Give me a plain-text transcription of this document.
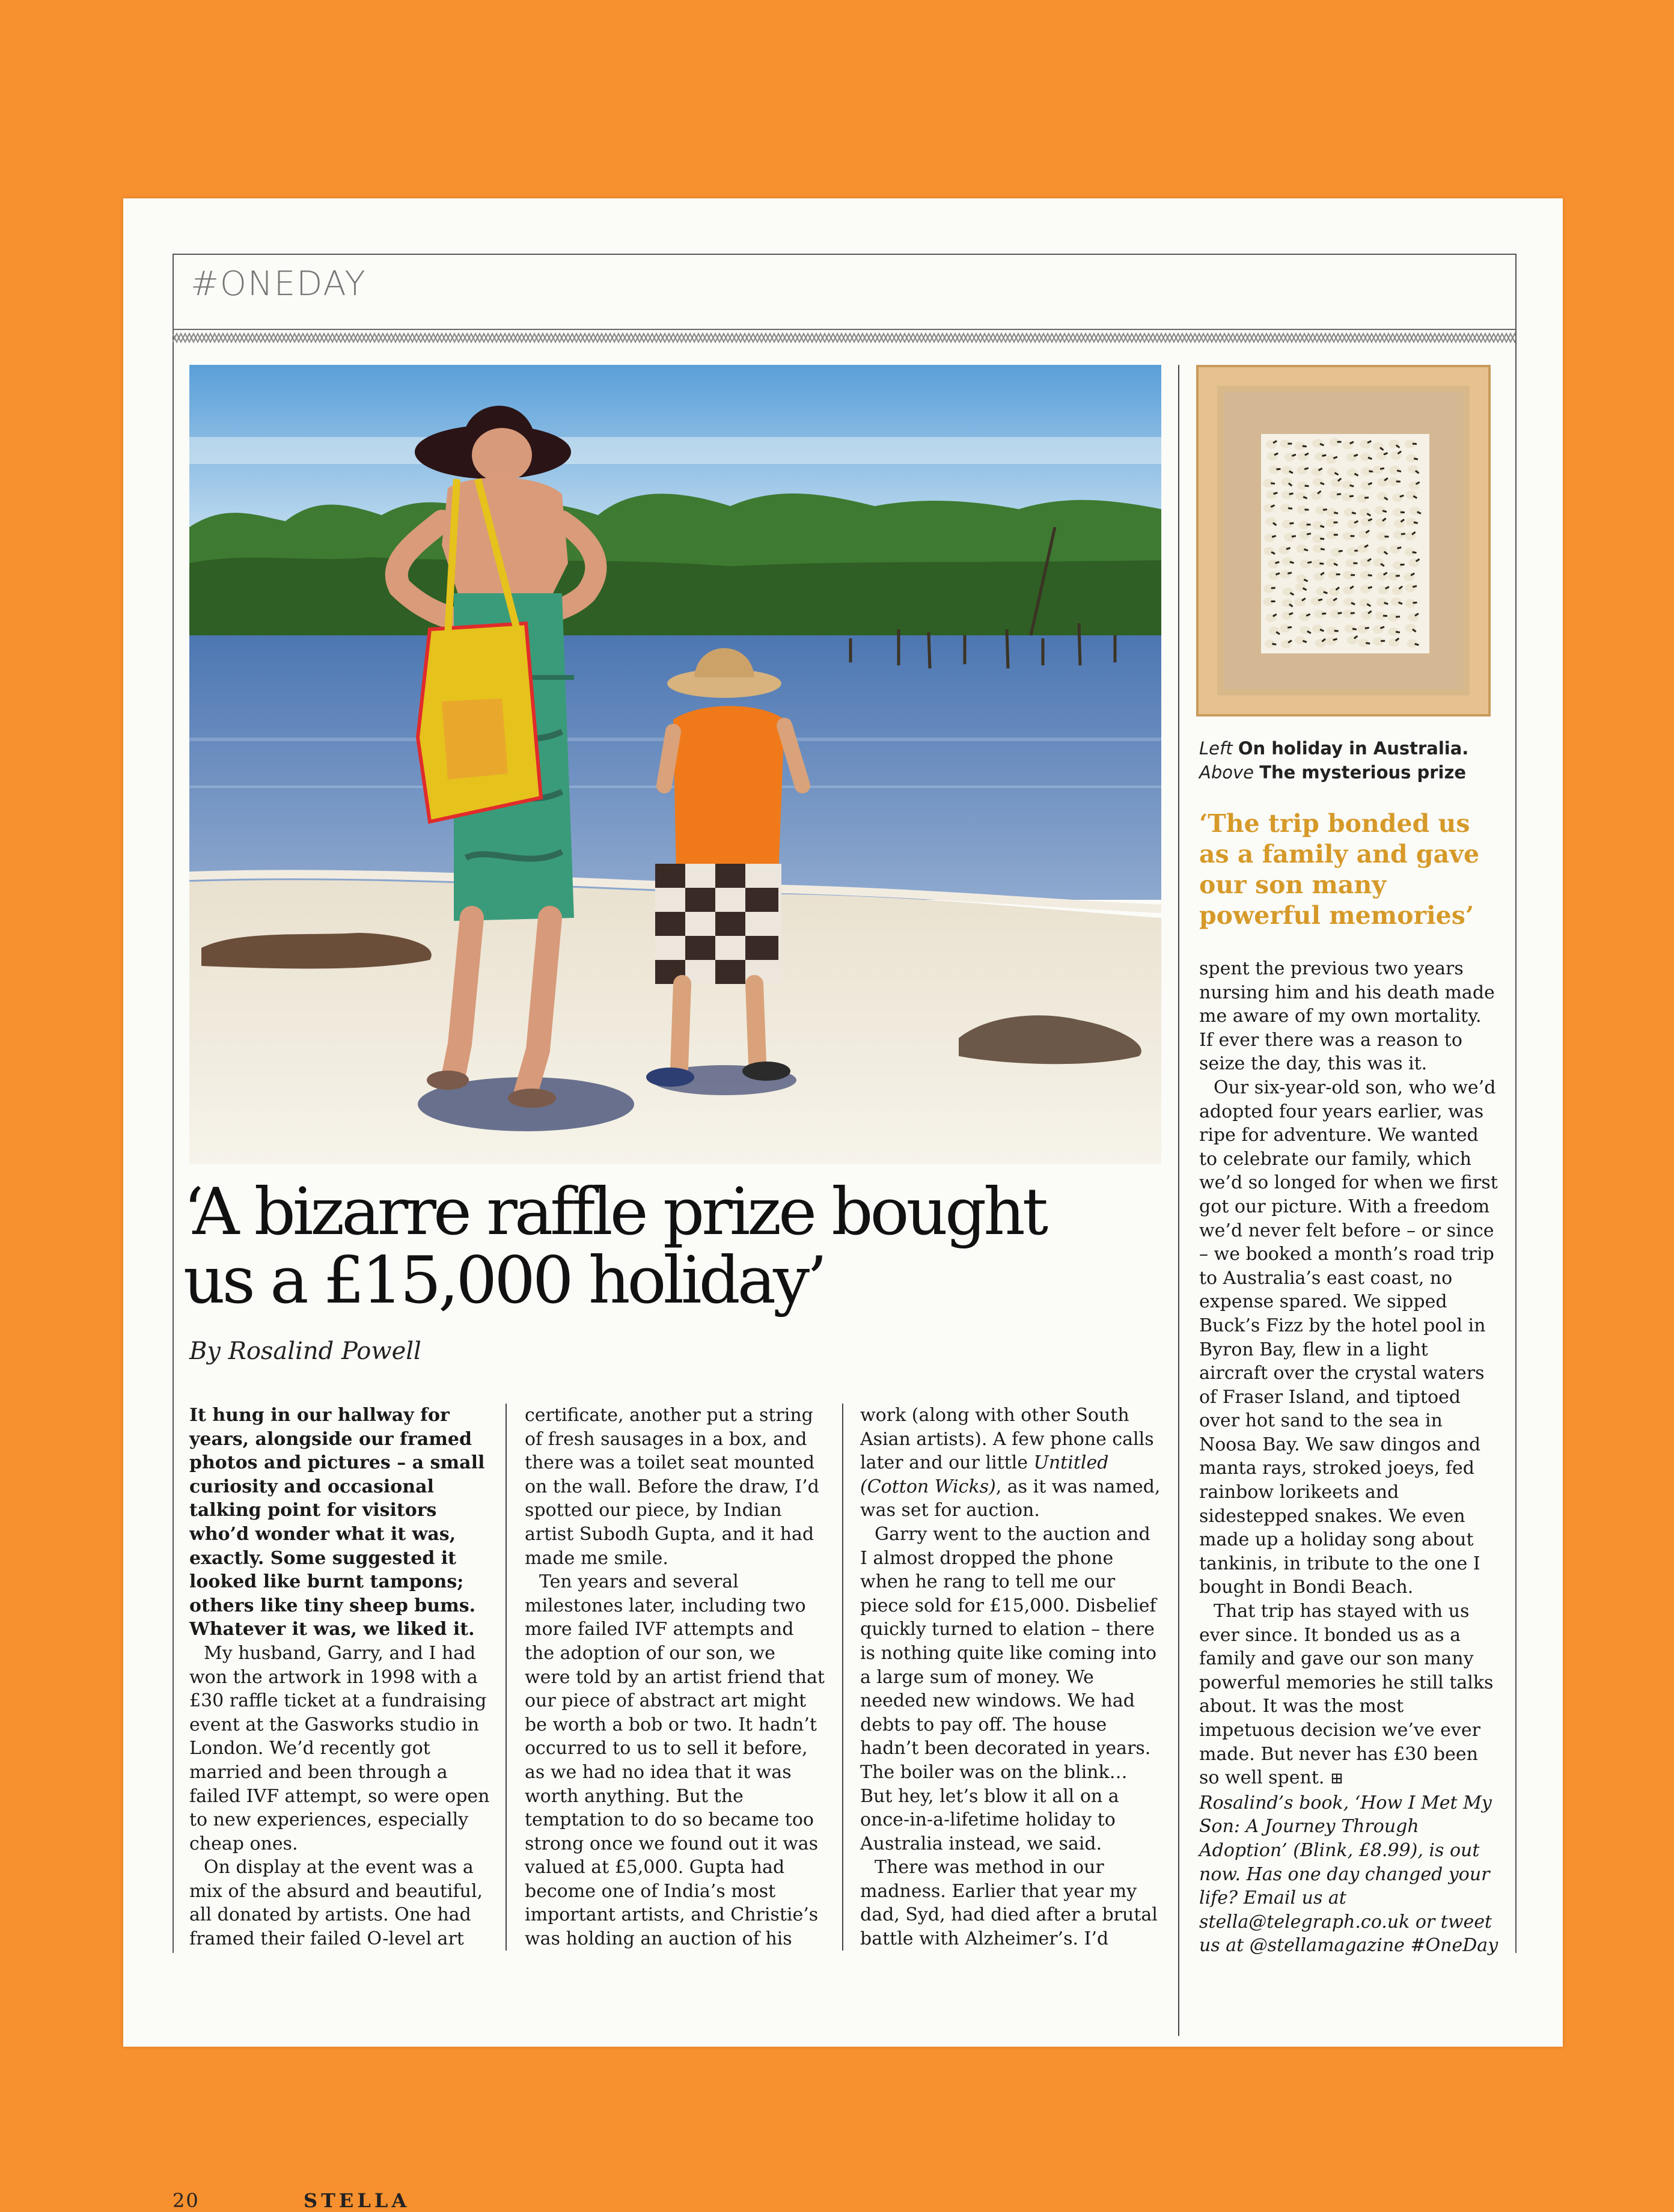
#ONEDAY
Left On holiday in Australia.
Above The mysterious prize
‘The trip bonded us as a family and gave our son many powerful memories’
‘A bizarre raffle prize bought
us a £15,000 holiday’
By Rosalind Powell

It hung in our hallway for years, alongside our framed photos and pictures – a small curiosity and occasional talking point for visitors who’d wonder what it was, exactly. Some suggested it looked like burnt tampons; others like tiny sheep bums. Whatever it was, we liked it.

My husband, Garry, and I had won the artwork in 1998 with a £30 raffle ticket at a fundraising event at the Gasworks studio in London. We’d recently got married and been through a failed IVF attempt, so were open to new experiences, especially cheap ones.

On display at the event was a mix of the absurd and beautiful, all donated by artists. One had framed their failed O-level art

certificate, another put a string of fresh sausages in a box, and there was a toilet seat mounted on the wall. Before the draw, I’d spotted our piece, by Indian artist Subodh Gupta, and it had made me smile.

Ten years and several milestones later, including two more failed IVF attempts and the adoption of our son, we were told by an artist friend that our piece of abstract art might be worth a bob or two. It hadn’t occurred to us to sell it before, as we had no idea that it was worth anything. But the temptation to do so became too strong once we found out it was valued at £5,000. Gupta had become one of India’s most important artists, and Christie’s was holding an auction of his

work (along with other South Asian artists). A few phone calls later and our little Untitled (Cotton Wicks), as it was named, was set for auction.

Garry went to the auction and I almost dropped the phone when he rang to tell me our piece sold for £15,000. Disbelief quickly turned to elation – there is nothing quite like coming into a large sum of money. We needed new windows. We had debts to pay off. The house hadn’t been decorated in years. The boiler was on the blink… But hey, let’s blow it all on a once-in-a-lifetime holiday to Australia instead, we said.

There was method in our madness. Earlier that year my dad, Syd, had died after a brutal battle with Alzheimer’s. I’d

spent the previous two years nursing him and his death made me aware of my own mortality. If ever there was a reason to seize the day, this was it.

Our six-year-old son, who we’d adopted four years earlier, was ripe for adventure. We wanted to celebrate our family, which we’d so longed for when we first got our picture. With a freedom we’d never felt before – or since – we booked a month’s road trip to Australia’s east coast, no expense spared. We sipped Buck’s Fizz by the hotel pool in Byron Bay, flew in a light aircraft over the crystal waters of Fraser Island, and tiptoed over hot sand to the sea in Noosa Bay. We saw dingos and manta rays, stroked joeys, fed rainbow lorikeets and sidestepped snakes. We even made up a holiday song about tankinis, in tribute to the one I bought in Bondi Beach.

That trip has stayed with us ever since. It bonded us as a family and gave our son many powerful memories he still talks about. It was the most impetuous decision we’ve ever made. But never has £30 been so well spent. ⊞

Rosalind’s book, ‘How I Met My Son: A Journey Through Adoption’ (Blink, £8.99), is out now. Has one day changed your life? Email us at stella@telegraph.co.uk or tweet us at @stellamagazine #OneDay

20	STELLA
